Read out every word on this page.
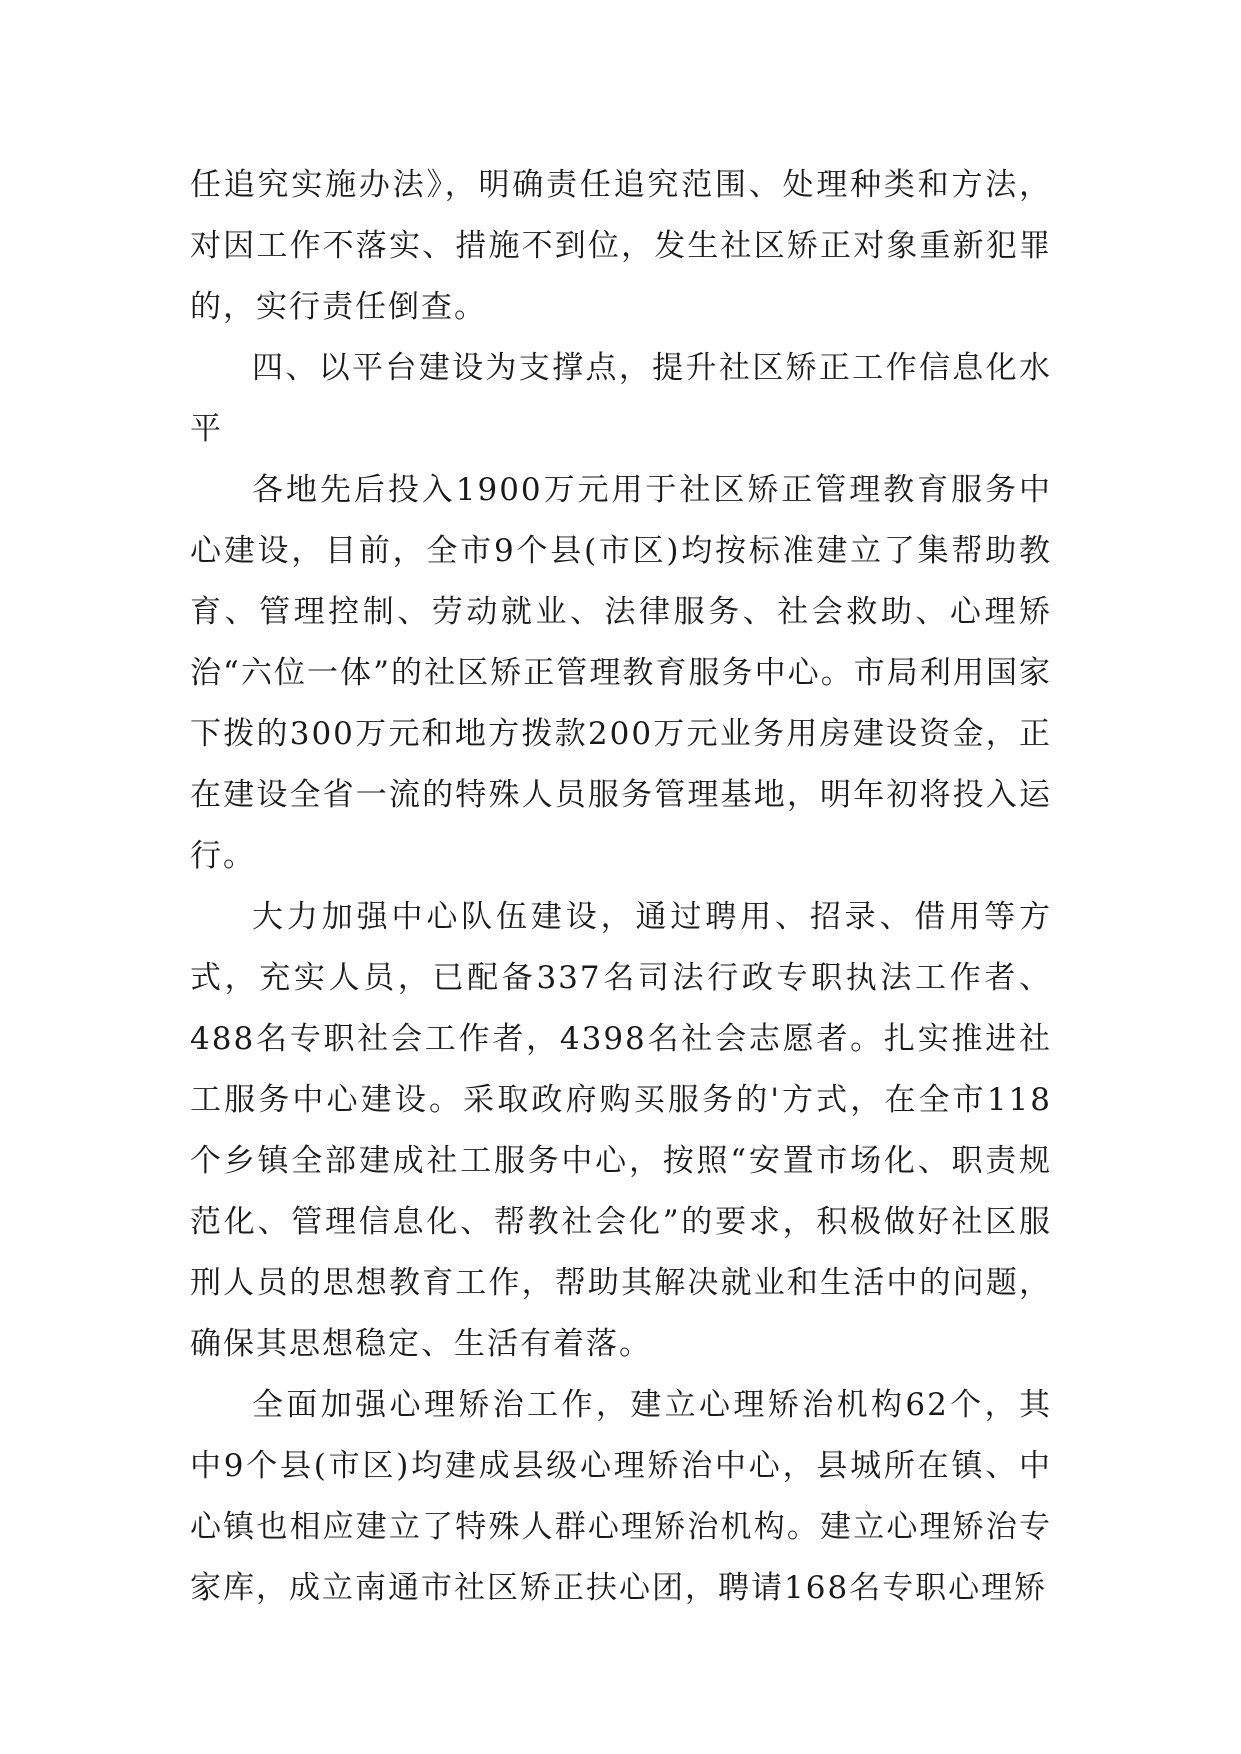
任追究实施办法》，明确责任追究范围、处理种类和方法，对因工作不落实、措施不到位，发生社区矫正对象重新犯罪的，实行责任倒查。

四、以平台建设为支撑点，提升社区矫正工作信息化水平

各地先后投入1900万元用于社区矫正管理教育服务中心建设，目前，全市9个县(市区)均按标准建立了集帮助教育、管理控制、劳动就业、法律服务、社会救助、心理矫治“六位一体”的社区矫正管理教育服务中心。市局利用国家下拨的300万元和地方拨款200万元业务用房建设资金，正在建设全省一流的特殊人员服务管理基地，明年初将投入运行。

大力加强中心队伍建设，通过聘用、招录、借用等方式，充实人员，已配备337名司法行政专职执法工作者、488名专职社会工作者，4398名社会志愿者。扎实推进社工服务中心建设。采取政府购买服务的'方式，在全市118个乡镇全部建成社工服务中心，按照“安置市场化、职责规范化、管理信息化、帮教社会化”的要求，积极做好社区服刑人员的思想教育工作，帮助其解决就业和生活中的问题，确保其思想稳定、生活有着落。

全面加强心理矫治工作，建立心理矫治机构62个，其中9个县(市区)均建成县级心理矫治中心，县城所在镇、中心镇也相应建立了特殊人群心理矫治机构。建立心理矫治专家库，成立南通市社区矫正扶心团，聘请168名专职心理矫
